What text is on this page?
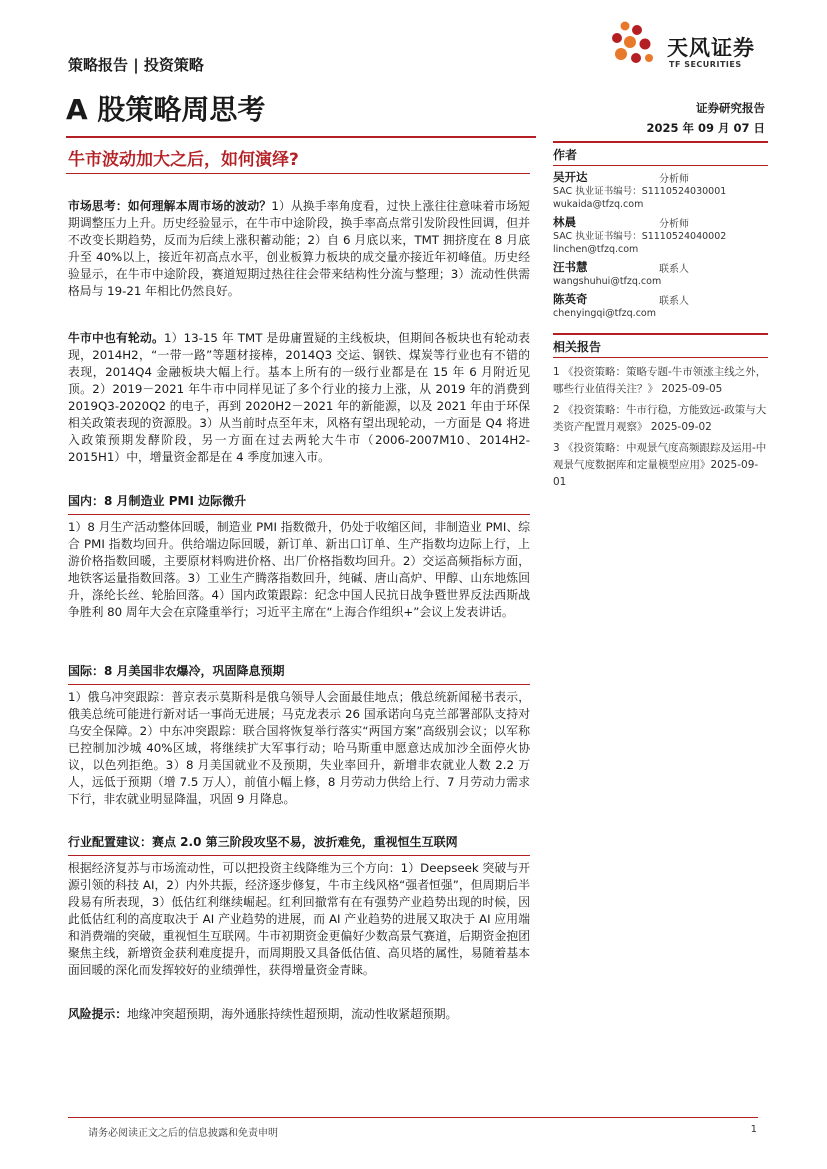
天风证券
TF SECURITIES
策略报告 | 投资策略
A 股策略周思考
牛市波动加大之后，如何演绎?
证券研究报告
2025 年 09 月 07 日
作者
吴开达	分析师
SAC 执业证书编号：S1110524030001
wukaida@tfzq.com
林晨	分析师
SAC 执业证书编号：S1110524040002
linchen@tfzq.com
汪书慧	联系人
wangshuhui@tfzq.com
陈英奇	联系人
chenyingqi@tfzq.com
相关报告
1 《投资策略：策略专题-牛市领涨主线之外，哪些行业值得关注？》 2025-09-05
2 《投资策略：牛市行稳，方能致远-政策与大类资产配置月观察》 2025-09-02
3 《投资策略：中观景气度高频跟踪及运用-中观景气度数据库和定量模型应用》2025-09-01

市场思考：如何理解本周市场的波动？1）从换手率角度看，过快上涨往往意味着市场短期调整压力上升。历史经验显示，在牛市中途阶段，换手率高点常引发阶段性回调，但并不改变长期趋势，反而为后续上涨积蓄动能；2）自 6 月底以来，TMT 拥挤度在 8 月底升至 40%以上，接近年初高点水平，创业板算力板块的成交量亦接近年初峰值。历史经验显示，在牛市中途阶段，赛道短期过热往往会带来结构性分流与整理；3）流动性供需格局与 19-21 年相比仍然良好。

牛市中也有轮动。1）13-15 年 TMT 是毋庸置疑的主线板块，但期间各板块也有轮动表现，2014H2，“一带一路”等题材接棒，2014Q3 交运、钢铁、煤炭等行业也有不错的表现，2014Q4 金融板块大幅上行。基本上所有的一级行业都是在 15 年 6 月附近见顶。2）2019－2021 年牛市中同样见证了多个行业的接力上涨，从 2019 年的消费到 2019Q3-2020Q2 的电子，再到 2020H2－2021 年的新能源，以及 2021 年由于环保相关政策表现的资源股。3）从当前时点至年末，风格有望出现轮动，一方面是 Q4 将进入政策预期发酵阶段，另一方面在过去两轮大牛市（2006-2007M10、2014H2-2015H1）中，增量资金都是在 4 季度加速入市。

国内：8 月制造业 PMI 边际微升

1）8 月生产活动整体回暖，制造业 PMI 指数微升，仍处于收缩区间，非制造业 PMI、综合 PMI 指数均回升。供给端边际回暖，新订单、新出口订单、生产指数均边际上行，上游价格指数回暖，主要原材料购进价格、出厂价格指数均回升。2）交运高频指标方面，地铁客运量指数回落。3）工业生产腾落指数回升，纯碱、唐山高炉、甲醇、山东地炼回升，涤纶长丝、轮胎回落。4）国内政策跟踪：纪念中国人民抗日战争暨世界反法西斯战争胜利 80 周年大会在京隆重举行；习近平主席在“上海合作组织+”会议上发表讲话。

国际：8 月美国非农爆冷，巩固降息预期

1）俄乌冲突跟踪：普京表示莫斯科是俄乌领导人会面最佳地点；俄总统新闻秘书表示，俄美总统可能进行新对话一事尚无进展；马克龙表示 26 国承诺向乌克兰部署部队支持对乌安全保障。2）中东冲突跟踪：联合国将恢复举行落实“两国方案”高级别会议；以军称已控制加沙城 40%区域，将继续扩大军事行动；哈马斯重申愿意达成加沙全面停火协议，以色列拒绝。3）8 月美国就业不及预期，失业率回升，新增非农就业人数 2.2 万人，远低于预期（增 7.5 万人），前值小幅上修，8 月劳动力供给上行、7 月劳动力需求下行，非农就业明显降温，巩固 9 月降息。

行业配置建议：赛点 2.0 第三阶段攻坚不易，波折难免，重视恒生互联网

根据经济复苏与市场流动性，可以把投资主线降维为三个方向：1）Deepseek 突破与开源引领的科技 AI，2）内外共振，经济逐步修复，牛市主线风格“强者恒强”，但周期后半段易有所表现，3）低估红利继续崛起。红利回撤常有在有强势产业趋势出现的时候，因此低估红利的高度取决于 AI 产业趋势的进展，而 AI 产业趋势的进展又取决于 AI 应用端和消费端的突破，重视恒生互联网。牛市初期资金更偏好少数高景气赛道，后期资金抱团聚焦主线，新增资金获利难度提升，而周期股又具备低估值、高贝塔的属性，易随着基本面回暖的深化而发挥较好的业绩弹性，获得增量资金青睐。

风险提示：地缘冲突超预期，海外通胀持续性超预期，流动性收紧超预期。

请务必阅读正文之后的信息披露和免责申明	1
